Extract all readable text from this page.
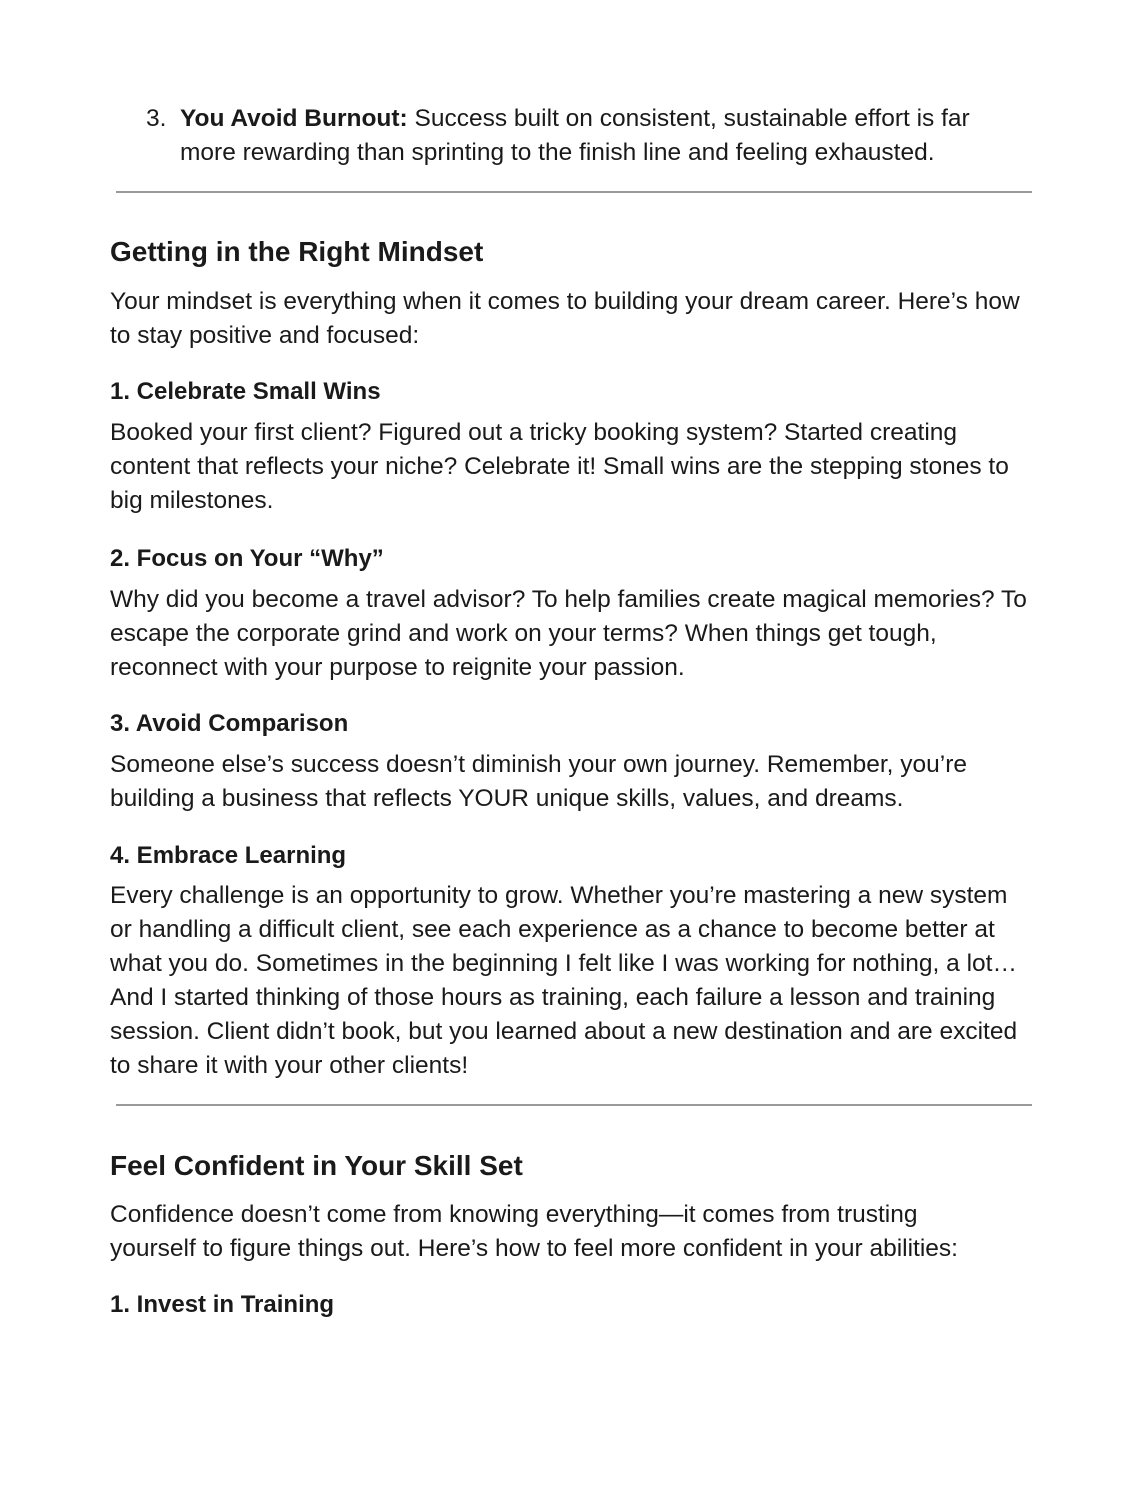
3. You Avoid Burnout: Success built on consistent, sustainable effort is far more rewarding than sprinting to the finish line and feeling exhausted.
Getting in the Right Mindset

Your mindset is everything when it comes to building your dream career. Here’s how to stay positive and focused:

1. Celebrate Small Wins

Booked your first client? Figured out a tricky booking system? Started creating content that reflects your niche? Celebrate it! Small wins are the stepping stones to big milestones.

2. Focus on Your “Why”

Why did you become a travel advisor? To help families create magical memories? To escape the corporate grind and work on your terms? When things get tough, reconnect with your purpose to reignite your passion.

3. Avoid Comparison

Someone else’s success doesn’t diminish your own journey. Remember, you’re building a business that reflects YOUR unique skills, values, and dreams.

4. Embrace Learning

Every challenge is an opportunity to grow. Whether you’re mastering a new system or handling a difficult client, see each experience as a chance to become better at what you do. Sometimes in the beginning I felt like I was working for nothing, a lot… And I started thinking of those hours as training, each failure a lesson and training session. Client didn’t book, but you learned about a new destination and are excited to share it with your other clients!

Feel Confident in Your Skill Set

Confidence doesn’t come from knowing everything—it comes from trusting yourself to figure things out. Here’s how to feel more confident in your abilities:

1. Invest in Training
